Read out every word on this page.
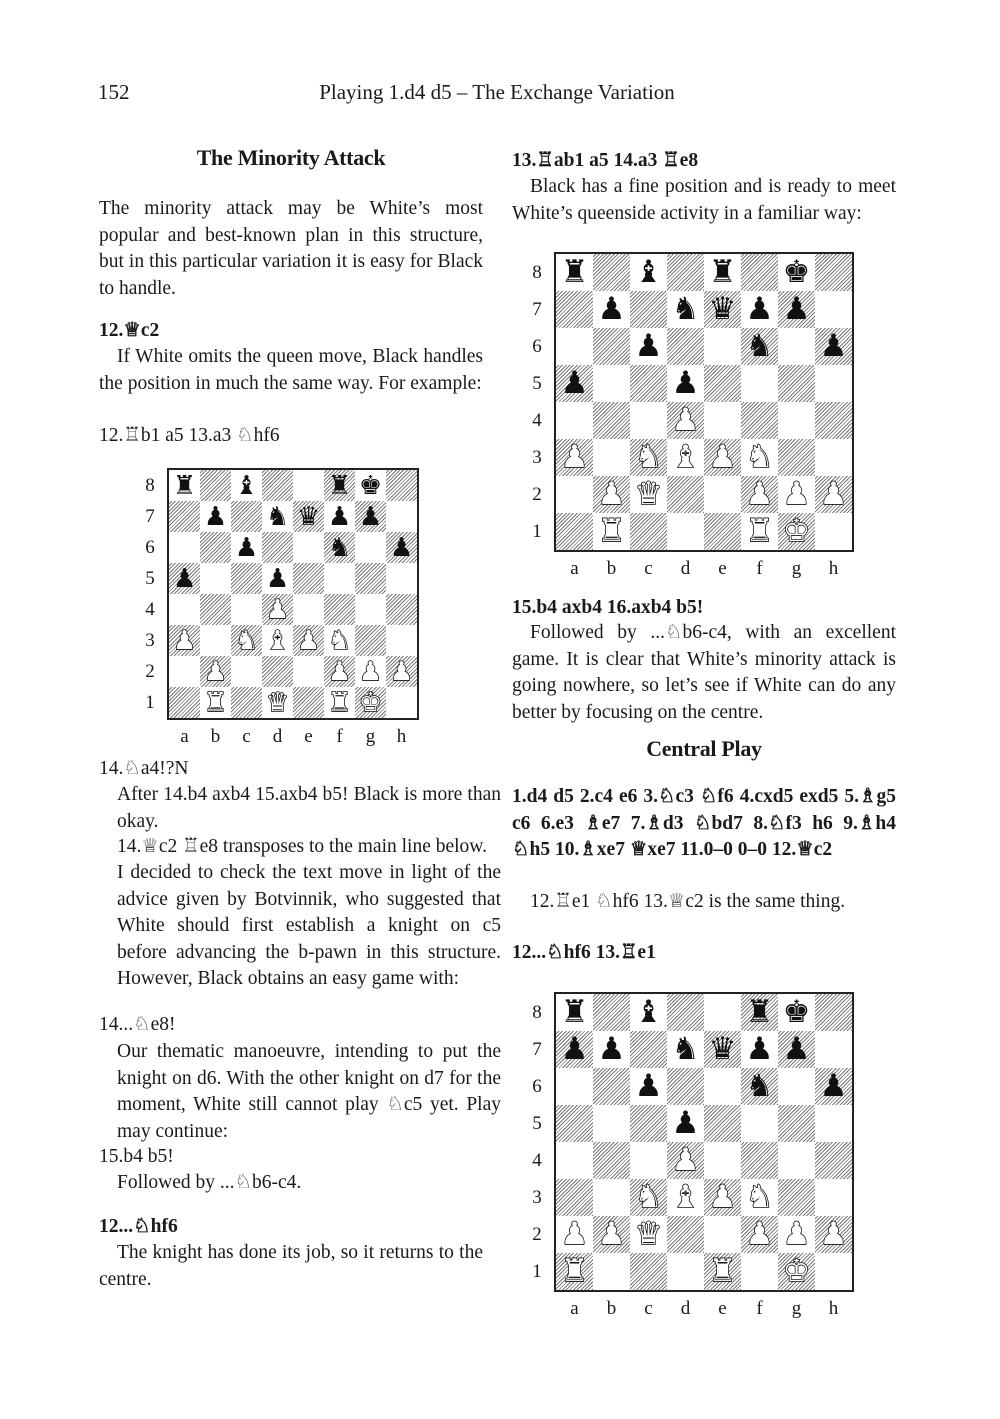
152	Playing 1.d4 d5 – The Exchange Variation
The Minority Attack
The minority attack may be White’s most popular and best-known plan in this structure, but in this particular variation it is easy for Black to handle.
12.♕c2
If White omits the queen move, Black handles the position in much the same way. For example:
12.♖b1 a5 13.a3 ♘hf6
♜ ♝	♜ ♚
♟ ♞ ♛ ♟ ♟
♟	♞ ♟
♟	♟
♟
♟ ♞ ♝ ♟ ♞
♟	♟ ♟ ♟
♜ ♛ ♜ ♚
8
7
6
5
4
3
2
1
a	b	c	d	e	f	g	h
14.♘a4!?N
After 14.b4 axb4 15.axb4 b5! Black is more than okay.
14.♕c2 ♖e8 transposes to the main line below.
I decided to check the text move in light of the advice given by Botvinnik, who suggested that White should first establish a knight on c5 before advancing the b-pawn in this structure. However, Black obtains an easy game with:
14...♘e8!
Our thematic manoeuvre, intending to put the knight on d6. With the other knight on d7 for the moment, White still cannot play ♘c5 yet. Play may continue:
15.b4 b5!
Followed by ...♘b6-c4.
12...♘hf6
The knight has done its job, so it returns to the centre.
13.♖ab1 a5 14.a3 ♖e8
Black has a fine position and is ready to meet White’s queenside activity in a familiar way:
♜ ♝ ♜ ♚
♟ ♞ ♛ ♟ ♟
♟	♞ ♟
♟	♟
♟
♟ ♞ ♝ ♟ ♞
♟ ♛	♟ ♟ ♟
♜	♜ ♚
8
7
6
5
4
3
2
1
a	b	c	d	e	f	g	h
15.b4 axb4 16.axb4 b5!
Followed by ...♘b6-c4, with an excellent game. It is clear that White’s minority attack is going nowhere, so let’s see if White can do any better by focusing on the centre.
Central Play
1.d4 d5 2.c4 e6 3.♘c3 ♘f6 4.cxd5 exd5 5.♗g5 c6 6.e3 ♗e7 7.♗d3 ♘bd7 8.♘f3 h6 9.♗h4 ♘h5 10.♗xe7 ♕xe7 11.0–0 0–0 12.♕c2
12.♖e1 ♘hf6 13.♕c2 is the same thing.
12...♘hf6 13.♖e1
♜ ♝	♜ ♚
♟ ♟ ♞ ♛ ♟ ♟
♟	♞ ♟
♟
♟
♞ ♝ ♟ ♞
♟ ♟ ♛	♟ ♟ ♟
♜	♜ ♚
8
7
6
5
4
3
2
1
a	b	c	d	e	f	g	h
